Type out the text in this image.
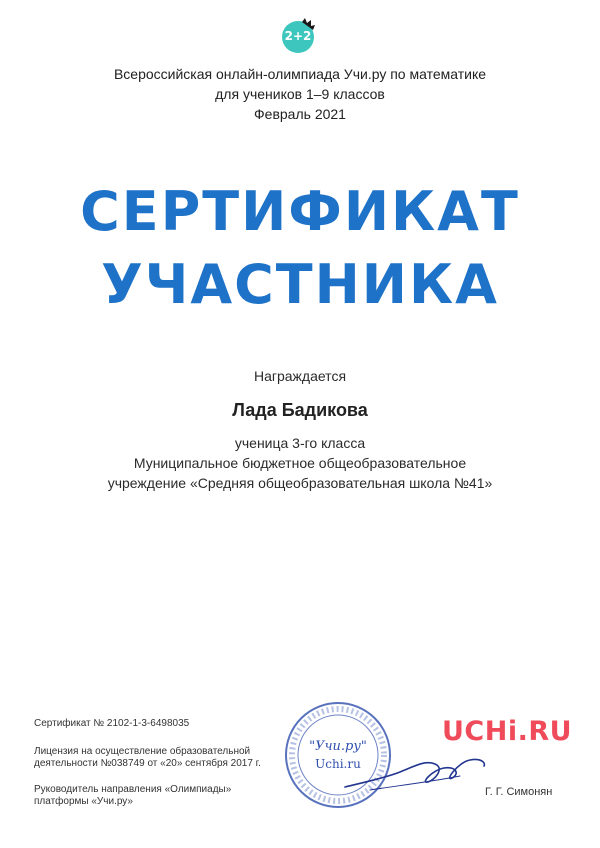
2+2
Всероссийская онлайн-олимпиада Учи.ру по математике
для учеников 1–9 классов
Февраль 2021
СЕРТИФИКАТ
УЧАСТНИКА
Награждается
Лада Бадикова
ученица 3-го класса
Муниципальное бюджетное общеобразовательное
учреждение «Средняя общеобразовательная школа №41»
Сертификат № 2102-1-3-6498035
Лицензия на осуществление образовательной
деятельности №038749 от «20» сентября 2017 г.
Руководитель направления «Олимпиады»
платформы «Учи.ру»
"Учи.ру"
Uchi.ru
UCHi.RU
Г. Г. Симонян
